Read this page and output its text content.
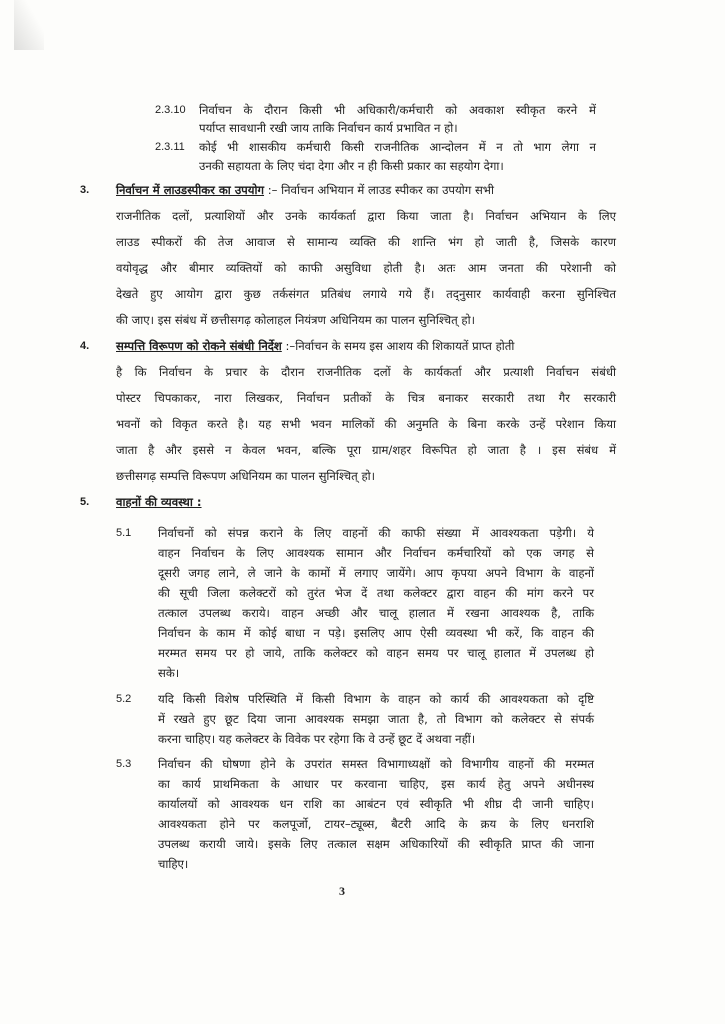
2.3.10 निर्वाचन के दौरान किसी भी अधिकारी/कर्मचारी को अवकाश स्वीकृत करने में
पर्याप्त सावधानी रखी जाय ताकि निर्वाचन कार्य प्रभावित न हो।
2.3.11 कोई भी शासकीय कर्मचारी किसी राजनीतिक आन्दोलन में न तो भाग लेगा न
उनकी सहायता के लिए चंदा देगा और न ही किसी प्रकार का सहयोग देगा।
3. निर्वाचन में लाउडस्पीकर का उपयोग :– निर्वाचन अभियान में लाउड स्पीकर का उपयोग सभी
राजनीतिक दलों, प्रत्याशियों और उनके कार्यकर्ता द्वारा किया जाता है। निर्वाचन अभियान के लिए
लाउड स्पीकरों की तेज आवाज से सामान्य व्यक्ति की शान्ति भंग हो जाती है, जिसके कारण
वयोवृद्ध और बीमार व्यक्तियों को काफी असुविधा होती है। अतः आम जनता की परेशानी को
देखते हुए आयोग द्वारा कुछ तर्कसंगत प्रतिबंध लगाये गये हैं। तद्नुसार कार्यवाही करना सुनिश्चित
की जाए। इस संबंध में छत्तीसगढ़ कोलाहल नियंत्रण अधिनियम का पालन सुनिश्चित् हो।
4. सम्पत्ति विरूपण को रोकने संबंधी निर्देश :–निर्वाचन के समय इस आशय की शिकायतें प्राप्त होती
है कि निर्वाचन के प्रचार के दौरान राजनीतिक दलों के कार्यकर्ता और प्रत्याशी निर्वाचन संबंधी
पोस्टर चिपकाकर, नारा लिखकर, निर्वाचन प्रतीकों के चित्र बनाकर सरकारी तथा गैर सरकारी
भवनों को विकृत करते है। यह सभी भवन मालिकों की अनुमति के बिना करके उन्हें परेशान किया
जाता है और इससे न केवल भवन, बल्कि पूरा ग्राम/शहर विरूपित हो जाता है । इस संबंध में
छत्तीसगढ़ सम्पत्ति विरूपण अधिनियम का पालन सुनिश्चित् हो।
5. वाहनों की व्यवस्था :
5.1 निर्वाचनों को संपन्न कराने के लिए वाहनों की काफी संख्या में आवश्यकता पड़ेगी। ये
वाहन निर्वाचन के लिए आवश्यक सामान और निर्वाचन कर्मचारियों को एक जगह से
दूसरी जगह लाने, ले जाने के कामों में लगाए जायेंगे। आप कृपया अपने विभाग के वाहनों
की सूची जिला कलेक्टरों को तुरंत भेज दें तथा कलेक्टर द्वारा वाहन की मांग करने पर
तत्काल उपलब्ध कराये। वाहन अच्छी और चालू हालात में रखना आवश्यक है, ताकि
निर्वाचन के काम में कोई बाधा न पड़े। इसलिए आप ऐसी व्यवस्था भी करें, कि वाहन की
मरम्मत समय पर हो जाये, ताकि कलेक्टर को वाहन समय पर चालू हालात में उपलब्ध हो
सके।
5.2 यदि किसी विशेष परिस्थिति में किसी विभाग के वाहन को कार्य की आवश्यकता को दृष्टि
में रखते हुए छूट दिया जाना आवश्यक समझा जाता है, तो विभाग को कलेक्टर से संपर्क
करना चाहिए। यह कलेक्टर के विवेक पर रहेगा कि वे उन्हें छूट दें अथवा नहीं।
5.3 निर्वाचन की घोषणा होने के उपरांत समस्त विभागाध्यक्षों को विभागीय वाहनों की मरम्मत
का कार्य प्राथमिकता के आधार पर करवाना चाहिए, इस कार्य हेतु अपने अधीनस्थ
कार्यालयों को आवश्यक धन राशि का आबंटन एवं स्वीकृति भी शीघ्र दी जानी चाहिए।
आवश्यकता होने पर कलपूर्जो, टायर–ट्यूब्स, बैटरी आदि के क्रय के लिए धनराशि
उपलब्ध करायी जाये। इसके लिए तत्काल सक्षम अधिकारियों की स्वीकृति प्राप्त की जाना
चाहिए।
3
